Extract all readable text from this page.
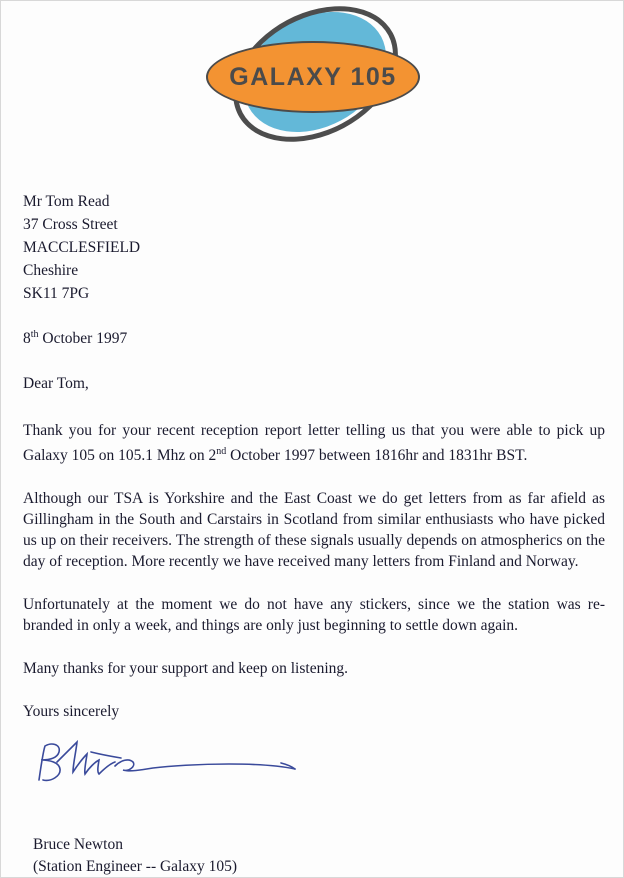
GALAXY 105
Mr Tom Read
37 Cross Street
MACCLESFIELD
Cheshire
SK11 7PG
8th October 1997
Dear Tom,

Thank you for your recent reception report letter telling us that you were able to pick up Galaxy 105 on 105.1 Mhz on 2nd October 1997 between 1816hr and 1831hr BST.

Although our TSA is Yorkshire and the East Coast we do get letters from as far afield as Gillingham in the South and Carstairs in Scotland from similar enthusiasts who have picked us up on their receivers. The strength of these signals usually depends on atmospherics on the day of reception. More recently we have received many letters from Finland and Norway.

Unfortunately at the moment we do not have any stickers, since we the station was re-branded in only a week, and things are only just beginning to settle down again.

Many thanks for your support and keep on listening.

Yours sincerely
Bruce Newton
(Station Engineer -- Galaxy 105)
